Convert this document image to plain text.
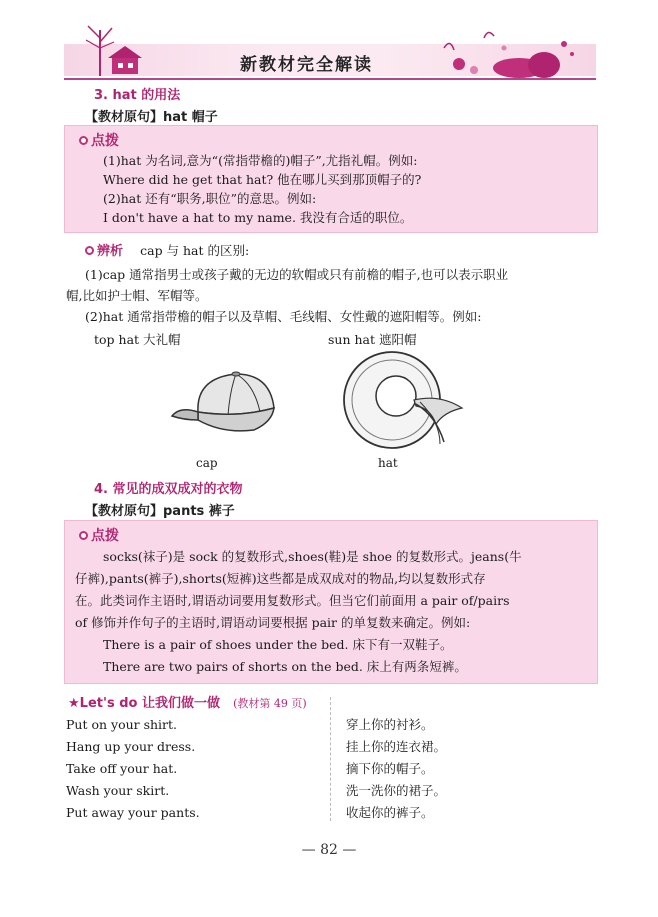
新教材完全解读
3. hat 的用法
【教材原句】hat 帽子
点拨
(1)hat 为名词,意为“(常指带檐的)帽子”,尤指礼帽。例如:
Where did he get that hat? 他在哪儿买到那顶帽子的?
(2)hat 还有“职务,职位”的意思。例如:
I don't have a hat to my name. 我没有合适的职位。
辨析 cap 与 hat 的区别:
(1)cap 通常指男士或孩子戴的无边的软帽或只有前檐的帽子,也可以表示职业
帽,比如护士帽、军帽等。
(2)hat 通常指带檐的帽子以及草帽、毛线帽、女性戴的遮阳帽等。例如:
top hat 大礼帽	sun hat 遮阳帽
cap	hat
4. 常见的成双成对的衣物
【教材原句】pants 裤子
点拨
socks(袜子)是 sock 的复数形式,shoes(鞋)是 shoe 的复数形式。jeans(牛
仔裤),pants(裤子),shorts(短裤)这些都是成双成对的物品,均以复数形式存
在。此类词作主语时,谓语动词要用复数形式。但当它们前面用 a pair of/pairs
of 修饰并作句子的主语时,谓语动词要根据 pair 的单复数来确定。例如:
There is a pair of shoes under the bed. 床下有一双鞋子。
There are two pairs of shorts on the bed. 床上有两条短裤。
★Let's do 让我们做一做 (教材第 49 页)
Put on your shirt.	穿上你的衬衫。
Hang up your dress.	挂上你的连衣裙。
Take off your hat.	摘下你的帽子。
Wash your skirt.	洗一洗你的裙子。
Put away your pants.	收起你的裤子。
— 82 —
